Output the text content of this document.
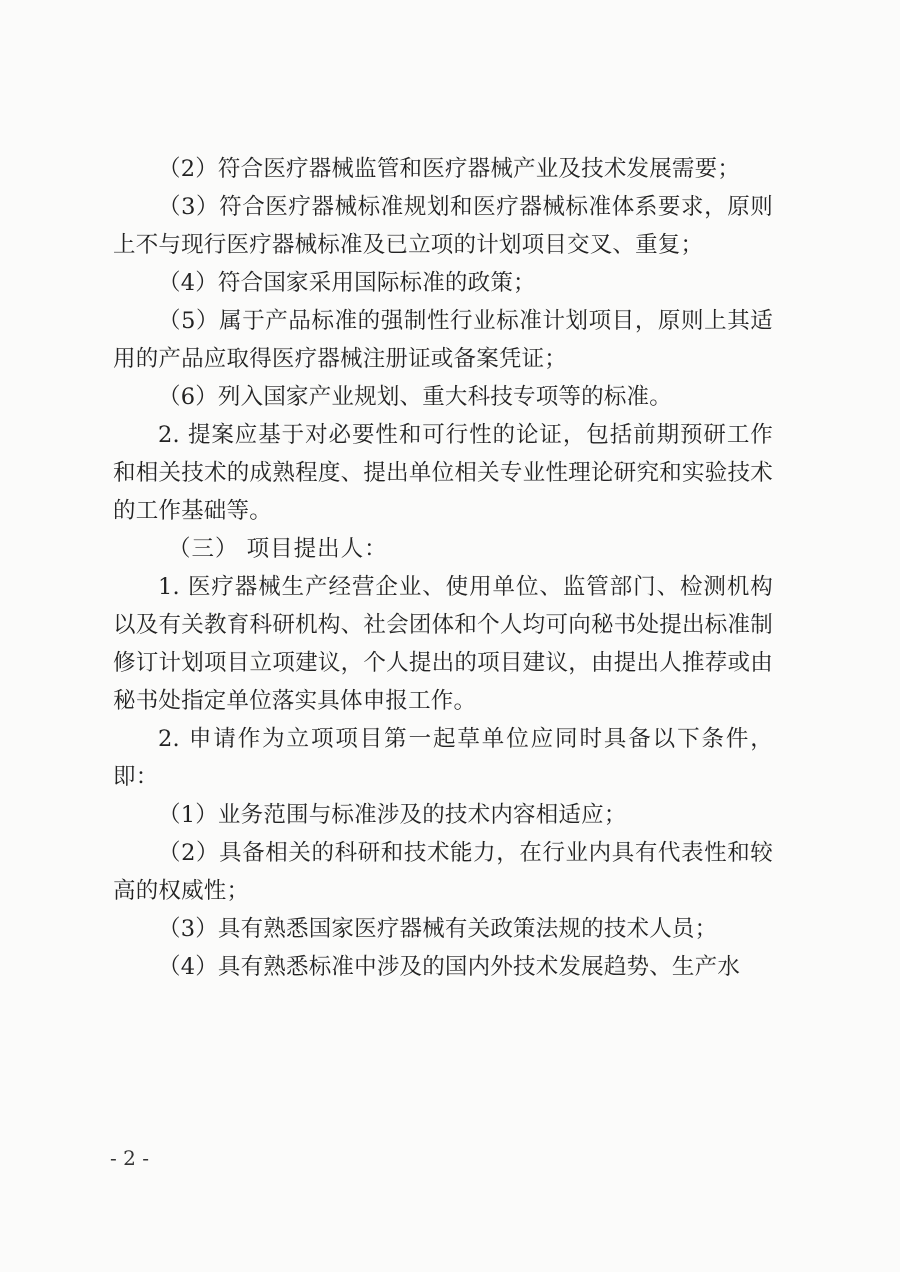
（2）符合医疗器械监管和医疗器械产业及技术发展需要；

（3）符合医疗器械标准规划和医疗器械标准体系要求，原则上不与现行医疗器械标准及已立项的计划项目交叉、重复；

（4）符合国家采用国际标准的政策；

（5）属于产品标准的强制性行业标准计划项目，原则上其适用的产品应取得医疗器械注册证或备案凭证；

（6）列入国家产业规划、重大科技专项等的标准。

2. 提案应基于对必要性和可行性的论证，包括前期预研工作和相关技术的成熟程度、提出单位相关专业性理论研究和实验技术的工作基础等。

（三） 项目提出人：

1. 医疗器械生产经营企业、使用单位、监管部门、检测机构以及有关教育科研机构、社会团体和个人均可向秘书处提出标准制修订计划项目立项建议，个人提出的项目建议，由提出人推荐或由秘书处指定单位落实具体申报工作。

2. 申请作为立项项目第一起草单位应同时具备以下条件，即：

（1）业务范围与标准涉及的技术内容相适应；

（2）具备相关的科研和技术能力，在行业内具有代表性和较高的权威性；

（3）具有熟悉国家医疗器械有关政策法规的技术人员；

（4）具有熟悉标准中涉及的国内外技术发展趋势、生产水

- 2 -
